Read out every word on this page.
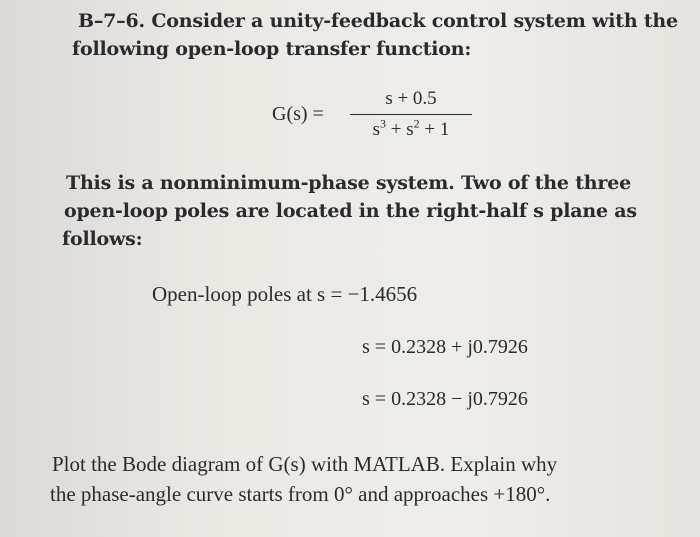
B–7–6. Consider a unity-feedback control system with the
following open-loop transfer function:
G(s) =
s + 0.5
$s^3 + s^2 + 1$
This is a nonminimum-phase system. Two of the three
open-loop poles are located in the right-half s plane as
follows:
Open-loop poles at s = −1.4656
s = 0.2328 + j0.7926
s = 0.2328 − j0.7926
Plot the Bode diagram of G(s) with MATLAB. Explain why
the phase-angle curve starts from 0° and approaches +180°.
